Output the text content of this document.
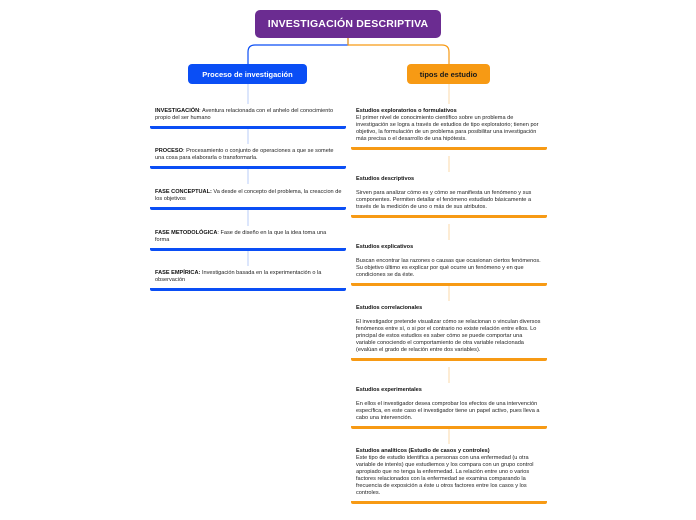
INVESTIGACIÓN DESCRIPTIVA
Proceso de investigación	tipos de estudio
INVESTIGACIÓN: Aventura relacionada con el anhelo del conocimiento propio del ser humano
PROCESO: Procesamiento o conjunto de operaciones a que se somete una cosa para elaborarla o transformarla.
FASE CONCEPTUAL: Va desde el concepto del problema, la creaccion de los objetivos
FASE METODOLÓGICA: Fase de diseño en la que la idea toma una forma
FASE EMPÍRICA: Investigación basada en la experimentación o la observación
Estudios exploratorios o formulativos
El primer nivel de conocimiento científico sobre un problema de investigación se logra a través de estudios de tipo exploratorio; tienen por objetivo, la formulación de un problema para posibilitar una investigación más precisa o el desarrollo de una hipótesis.
Estudios descriptivos
Sirven para analizar cómo es y cómo se manifiesta un fenómeno y sus componentes. Permiten detallar el fenómeno estudiado básicamente a través de la medición de uno o más de sus atributos.
Estudios explicativos
Buscan encontrar las razones o causas que ocasionan ciertos fenómenos. Su objetivo último es explicar por qué ocurre un fenómeno y en que condiciones se da éste.
Estudios correlacionales
El investigador pretende visualizar cómo se relacionan o vinculan diversos fenómenos entre sí, o si por el contrario no existe relación entre ellos. Lo principal de estos estudios es saber cómo se puede comportar una variable conociendo el comportamiento de otra variable relacionada (evalúan el grado de relación entre dos variables).
Estudios experimentales
En ellos el investigador desea comprobar los efectos de una intervención específica, en este caso el investigador tiene un papel activo, pues lleva a cabo una intervención.
Estudios analíticos (Estudio de casos y controles)
Este tipo de estudio identifica a personas con una enfermedad (u otra variable de interés) que estudiemos y los compara con un grupo control apropiado que no tenga la enfermedad. La relación entre uno o varios factores relacionados con la enfermedad se examina comparando la frecuencia de exposición a éste u otros factores entre los casos y los controles.
